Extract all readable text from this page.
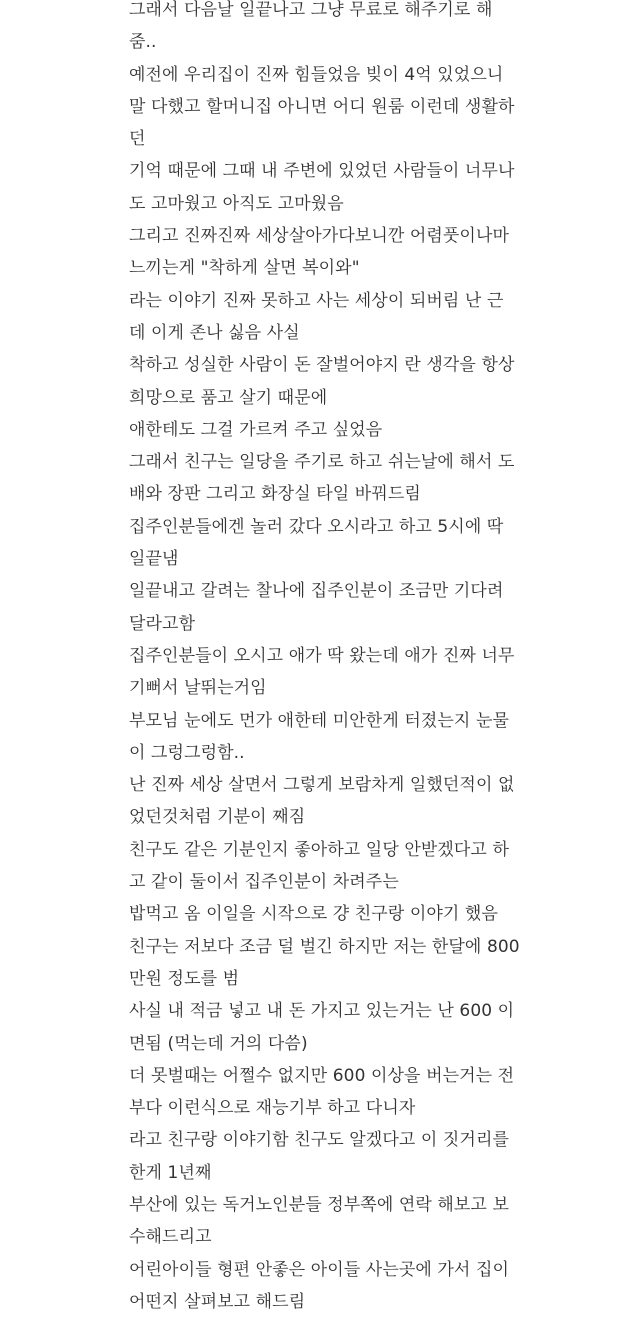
그래서 다음날 일끝나고 그냥 무료로 해주기로 해
줌..
예전에 우리집이 진짜 힘들었음 빚이 4억 있었으니
말 다했고 할머니집 아니면 어디 원룸 이런데 생활하
던
기억 때문에 그때 내 주변에 있었던 사람들이 너무나
도 고마웠고 아직도 고마웠음
그리고 진짜진짜 세상살아가다보니깐 어렴풋이나마
느끼는게 "착하게 살면 복이와"
라는 이야기 진짜 못하고 사는 세상이 되버림 난 근
데 이게 존나 싫음 사실
착하고 성실한 사람이 돈 잘벌어야지 란 생각을 항상
희망으로 품고 살기 때문에
애한테도 그걸 가르켜 주고 싶었음
그래서 친구는 일당을 주기로 하고 쉬는날에 해서 도
배와 장판 그리고 화장실 타일 바꿔드림
집주인분들에겐 놀러 갔다 오시라고 하고 5시에 딱
일끝냄
일끝내고 갈려는 찰나에 집주인분이 조금만 기다려
달라고함
집주인분들이 오시고 애가 딱 왔는데 애가 진짜 너무
기뻐서 날뛰는거임
부모님 눈에도 먼가 애한테 미안한게 터졌는지 눈물
이 그렁그렁함..
난 진짜 세상 살면서 그렇게 보람차게 일했던적이 없
었던것처럼 기분이 째짐
친구도 같은 기분인지 좋아하고 일당 안받겠다고 하
고 같이 둘이서 집주인분이 차려주는
밥먹고 옴 이일을 시작으로 걍 친구랑 이야기 했음
친구는 저보다 조금 덜 벌긴 하지만 저는 한달에 800
만원 정도를 범
사실 내 적금 넣고 내 돈 가지고 있는거는 난 600 이
면됨 (먹는데 거의 다씀)
더 못벌때는 어쩔수 없지만 600 이상을 버는거는 전
부다 이런식으로 재능기부 하고 다니자
라고 친구랑 이야기함 친구도 알겠다고 이 짓거리를
한게 1년째
부산에 있는 독거노인분들 정부쪽에 연락 해보고 보
수해드리고
어린아이들 형편 안좋은 아이들 사는곳에 가서 집이
어떤지 살펴보고 해드림
